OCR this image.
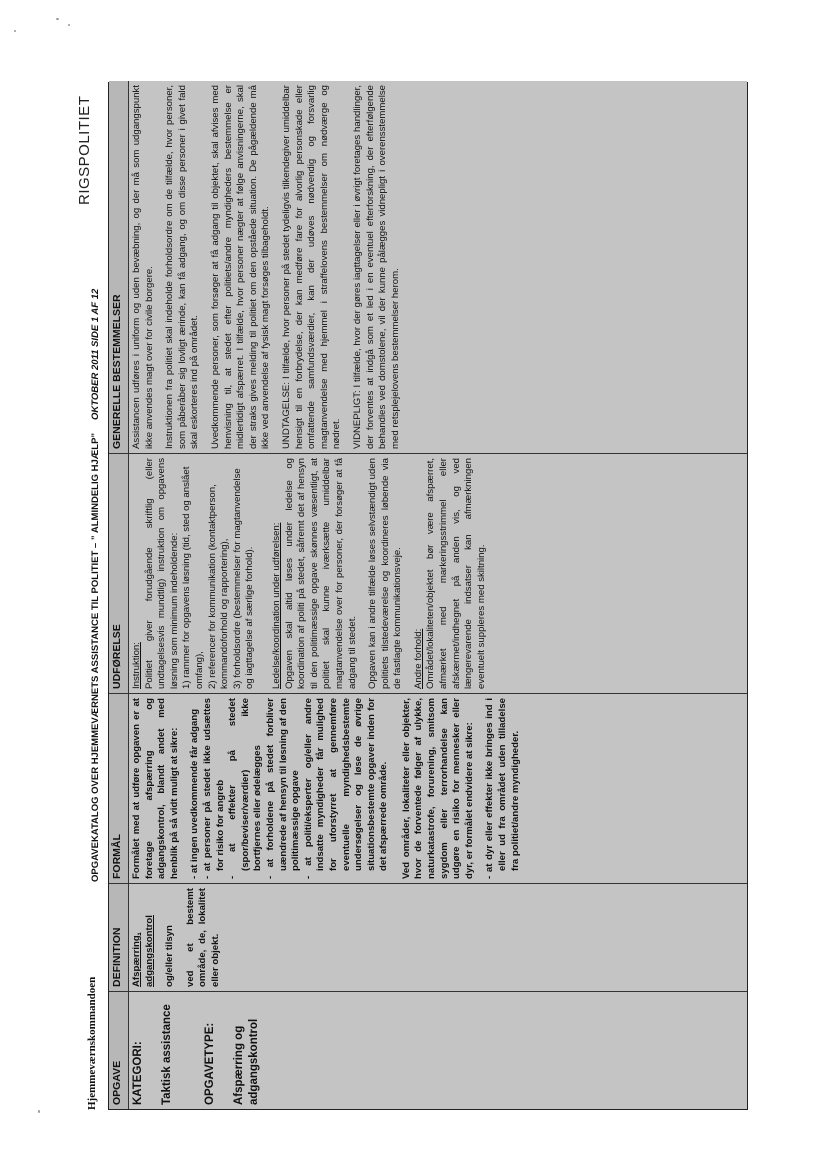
Hjemmeværnskommandoen
OPGAVEKATALOG OVER HJEMMEVÆRNETS ASSISTANCE TIL POLITIET – ” ALMINDELIG HJÆLP”
OKTOBER 2011 SIDE 1 AF 12
RIGSPOLITIET
OPGAVE KATEGORI: Taktisk assistance	OPGAVETYPE: Afspærring og adgangskontrol
DEFINITION Afspærring, adgangskontrol og/eller tilsyn ved et bestemt område, de, lokalitet eller objekt.

FORMÅL Formålet med at udføre opgaven er at foretage afspærring og adgangskontrol, blandt andet med henblik på så vidt muligt at sikre: - at ingen uvedkommende får adgang - at personer på stedet ikke udsættes for risiko for angreb - at effekter på stedet (spor/beviser/værdier) ikke bortfjernes eller ødelægges - at forholdene på stedet forbliver uændrede af hensyn til løsning af den politimæssige opgave - at politi/eksperter og/eller andre indsatte myndigheder får mulighed for uforstyrret at gennemføre eventuelle myndighedsbestemte undersøgelser og løse de øvrige situationsbestemte opgaver inden for det afspærrede område. Ved områder, lokaliteter eller objekter, hvor de forventede følger af ulykke, naturkatastrofe, forurening, smitsom sygdom eller terrorhandelse kan udgøre en risiko for mennesker eller dyr, er formålet endvidere at sikre: - at dyr eller effekter ikke bringes ind i eller ud fra området uden tilladelse fra politiet/andre myndigheder.
UDFØRELSE Instruktion: Politiet giver forudgående skriftlig (eller undtagelsesvis mundtlig) instruktion om opgavens løsning som minimum indeholdende: 1) rammer for opgavens løsning (tid, sted og anslået omfang), 2) referencer for kommunikation (kontaktperson, kommandoforhold og rapportering), 3) forholdsordre (bestemmelser for magtanvendelse og iagttagelse af særlige forhold). Ledelse/koordination under udførelsen: Opgaven skal altid løses under ledelse og koordination af politi på stedet, såfremt det af hensyn til den politimæssige opgave skønnes væsentligt, at politiet skal kunne iværksætte umiddelbar magtanvendelse over for personer, der forsøger at få adgang til stedet. Opgaven kan i andre tilfælde løses selvstændigt uden politiets tilstedeværelse og koordineres løbende via de fastlagte kommunikationsveje. Andre forhold: Området/lokaliteten/objektet bør være afspærret, afmærket med markeringsstrimmel eller afskærmet/indhegnet på anden vis, og ved længerevarende indsatser kan afmærkningen eventuelt suppleres med skiltning.

GENERELLE BESTEMMELSER Assistancen udføres i uniform og uden bevæbning, og der må som udgangspunkt ikke anvendes magt over for civile borgere. Instruktionen fra politiet skal indeholde forholdsordre om de tilfælde, hvor personer, som påberåber sig lovligt ærinde, kan få adgang, og om disse personer i givet fald skal eskorteres ind på området. Uvedkommende personer, som forsøger at få adgang til objektet, skal afvises med henvisning til, at stedet efter politiets/andre myndigheders bestemmelse er midlertidigt afspærret. I tilfælde, hvor personer nægter at følge anvisningerne, skal der straks gives melding til politiet om den opståede situation. De pågældende må ikke ved anvendelse af fysisk magt forsøges tilbageholdt. UNDTAGELSE: I tilfælde, hvor personer på stedet tydeligvis tilkendegiver umiddelbar hensigt til en forbrydelse, der kan medføre fare for alvorlig personskade eller omfattende samfundsværdier, kan der udøves nødvendig og forsvarlig magtanvendelse med hjemmel i straffelovens bestemmelser om nødværge og nødret. VIDNEPLIGT: I tilfælde, hvor der gøres iagttagelser eller i øvrigt foretages handlinger, der forventes at indgå som et led i en eventuel efterforskning, der efterfølgende behandles ved domstolene, vil der kunne pålægges vidnepligt i overensstemmelse med retsplejelovens bestemmelser herom.
